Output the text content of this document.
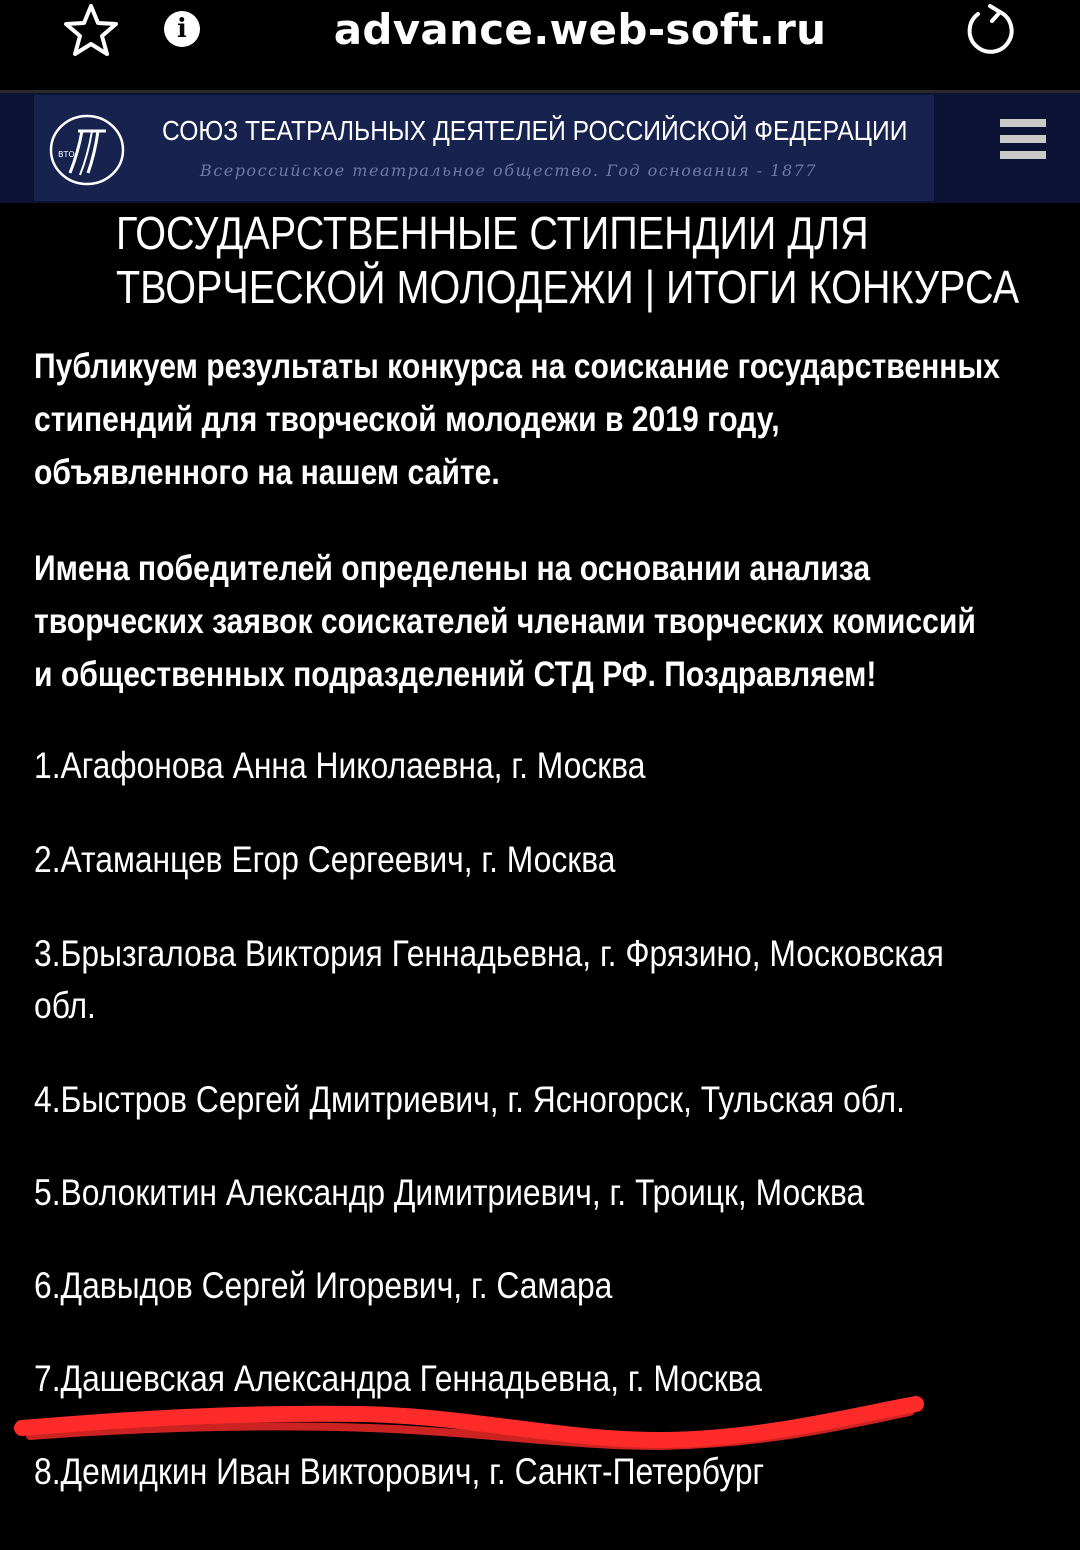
i	advance.web-soft.ru
ВТО
СОЮЗ ТЕАТРАЛЬНЫХ ДЕЯТЕЛЕЙ РОССИЙСКОЙ ФЕДЕРАЦИИ
Всероссийское театральное общество. Год основания - 1877
ГОСУДАРСТВЕННЫЕ СТИПЕНДИИ ДЛЯ
ТВОРЧЕСКОЙ МОЛОДЕЖИ | ИТОГИ КОНКУРСА
Публикуем результаты конкурса на соискание государственных
стипендий для творческой молодежи в 2019 году,
объявленного на нашем сайте.
Имена победителей определены на основании анализа
творческих заявок соискателей членами творческих комиссий
и общественных подразделений СТД РФ. Поздравляем!
1.Агафонова Анна Николаевна, г. Москва
2.Атаманцев Егор Сергеевич, г. Москва
3.Брызгалова Виктория Геннадьевна, г. Фрязино, Московская
обл.
4.Быстров Сергей Дмитриевич, г. Ясногорск, Тульская обл.
5.Волокитин Александр Димитриевич, г. Троицк, Москва
6.Давыдов Сергей Игоревич, г. Самара
7.Дашевская Александра Геннадьевна, г. Москва
8.Демидкин Иван Викторович, г. Санкт-Петербург
